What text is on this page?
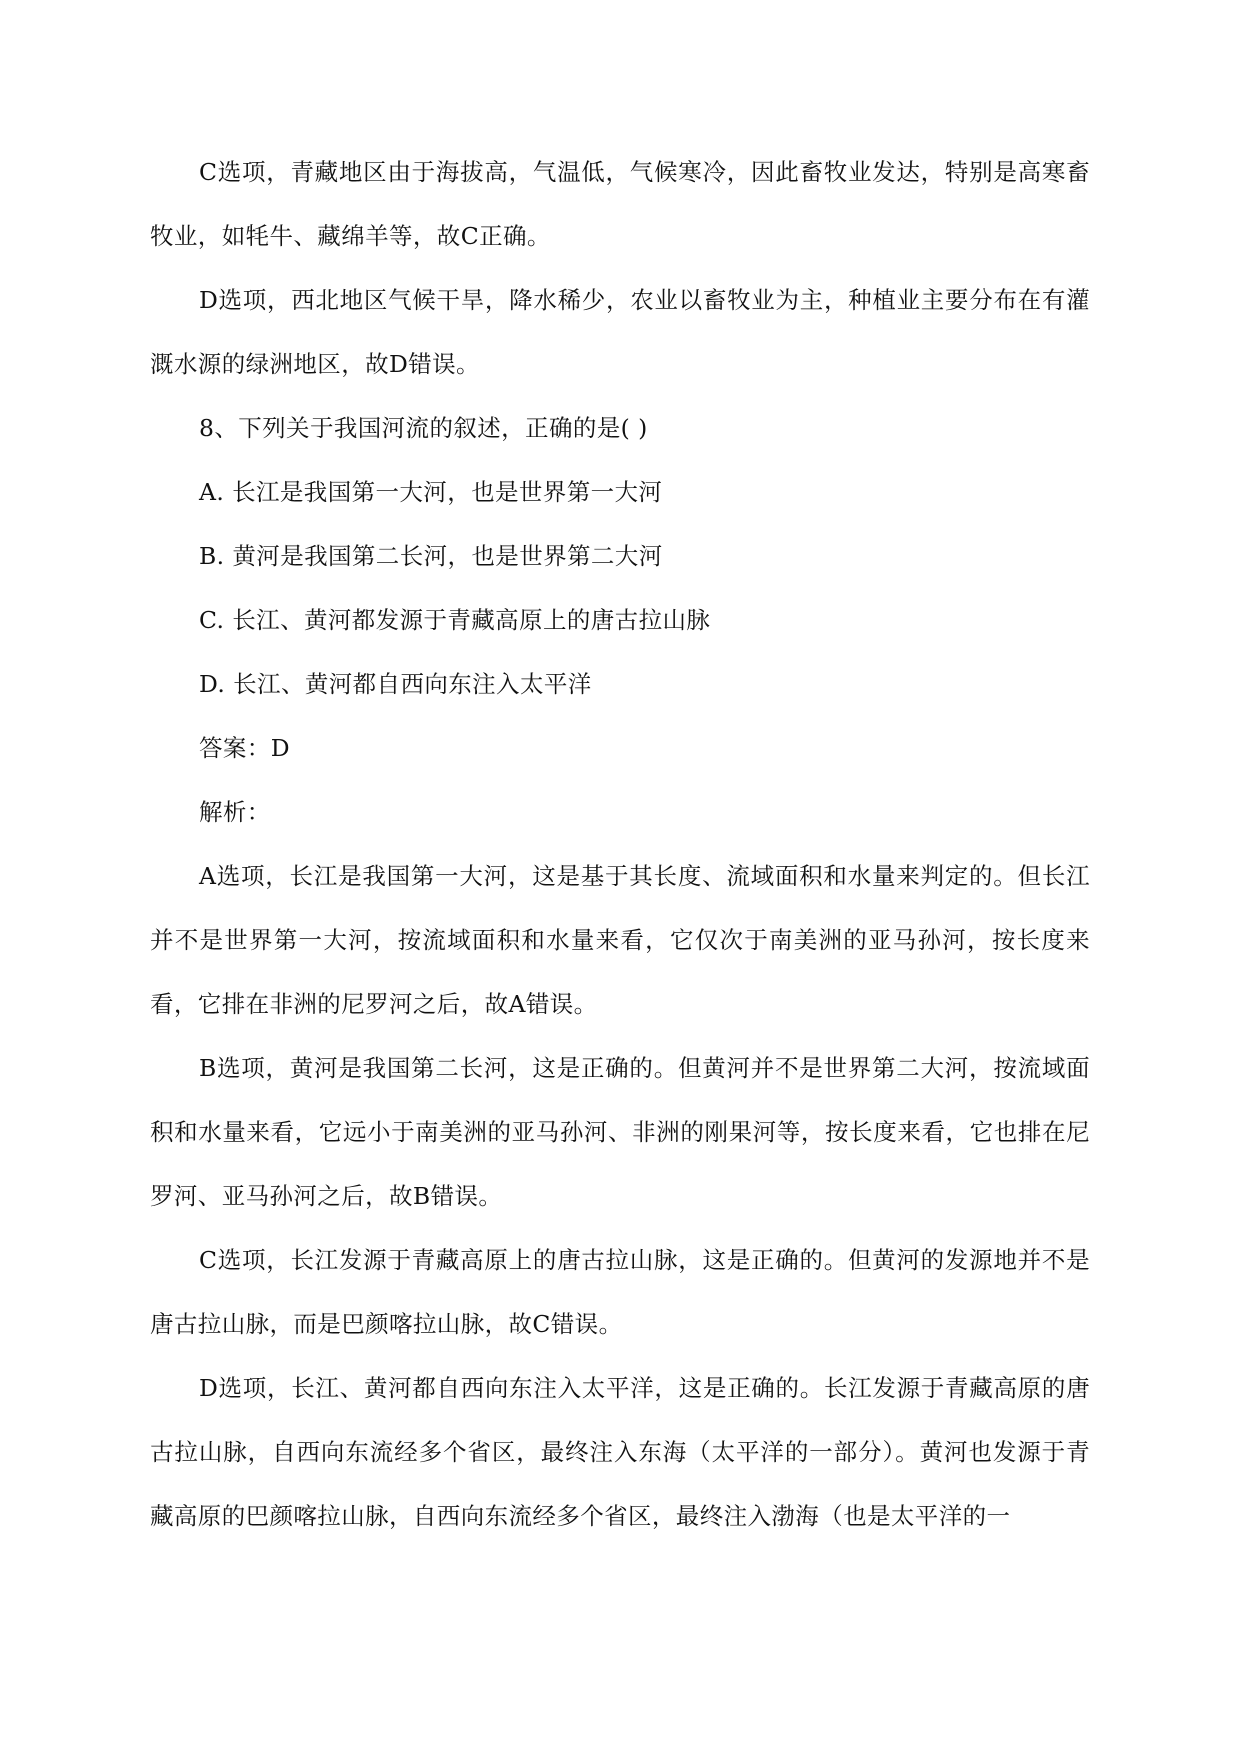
C选项，青藏地区由于海拔高，气温低，气候寒冷，因此畜牧业发达，特别是高寒畜牧业，如牦牛、藏绵羊等，故C正确。

D选项，西北地区气候干旱，降水稀少，农业以畜牧业为主，种植业主要分布在有灌溉水源的绿洲地区，故D错误。

8、下列关于我国河流的叙述，正确的是( )

A. 长江是我国第一大河，也是世界第一大河

B. 黄河是我国第二长河，也是世界第二大河

C. 长江、黄河都发源于青藏高原上的唐古拉山脉

D. 长江、黄河都自西向东注入太平洋

答案：D

解析：

A选项，长江是我国第一大河，这是基于其长度、流域面积和水量来判定的。但长江并不是世界第一大河，按流域面积和水量来看，它仅次于南美洲的亚马孙河，按长度来看，它排在非洲的尼罗河之后，故A错误。

B选项，黄河是我国第二长河，这是正确的。但黄河并不是世界第二大河，按流域面积和水量来看，它远小于南美洲的亚马孙河、非洲的刚果河等，按长度来看，它也排在尼罗河、亚马孙河之后，故B错误。

C选项，长江发源于青藏高原上的唐古拉山脉，这是正确的。但黄河的发源地并不是唐古拉山脉，而是巴颜喀拉山脉，故C错误。

D选项，长江、黄河都自西向东注入太平洋，这是正确的。长江发源于青藏高原的唐古拉山脉，自西向东流经多个省区，最终注入东海（太平洋的一部分）。黄河也发源于青藏高原的巴颜喀拉山脉，自西向东流经多个省区，最终注入渤海（也是太平洋的一
